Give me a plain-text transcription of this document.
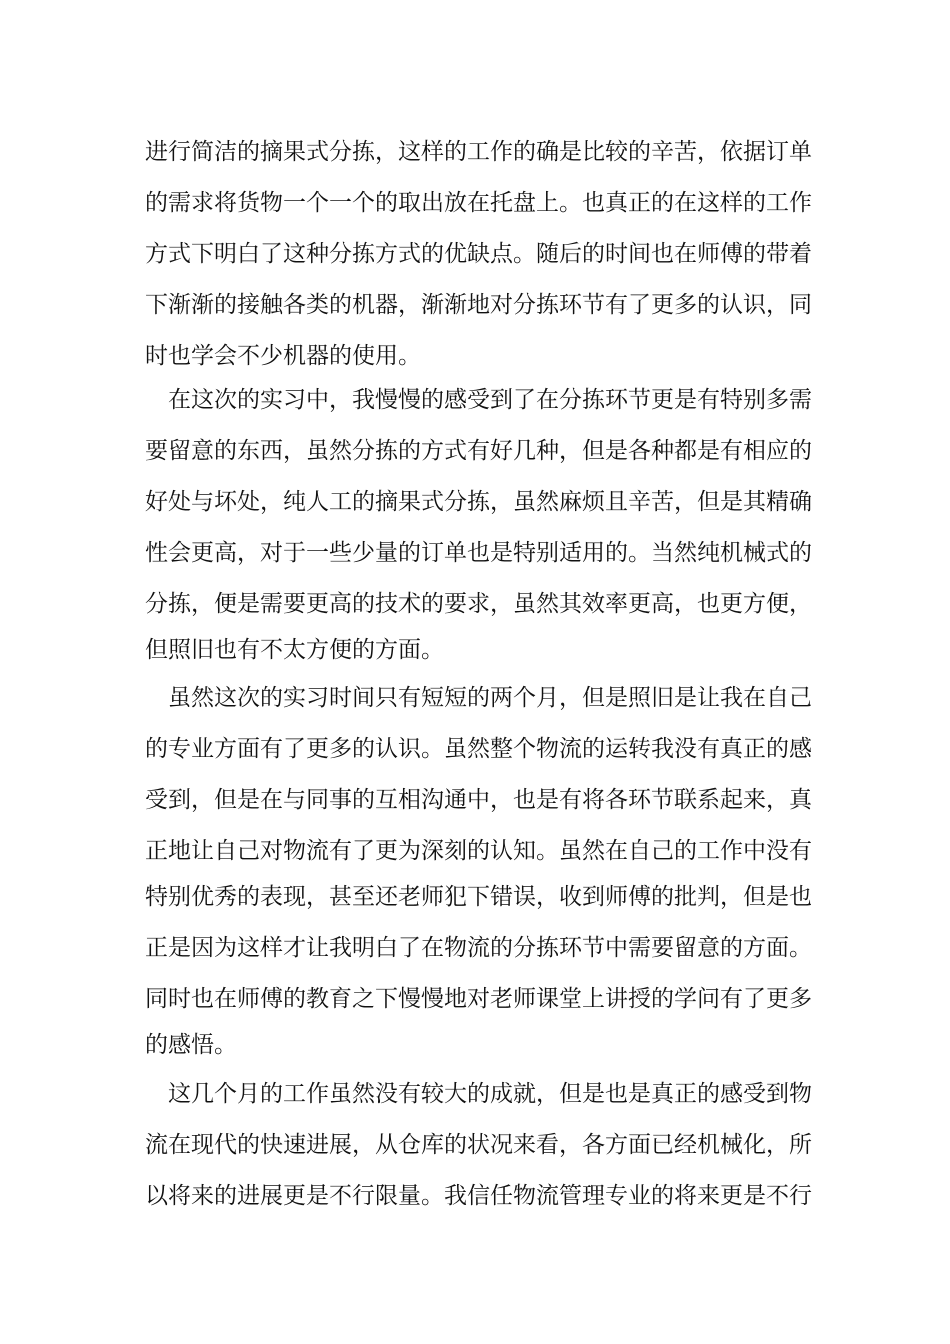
进行简洁的摘果式分拣，这样的工作的确是比较的辛苦，依据订单

的需求将货物一个一个的取出放在托盘上。也真正的在这样的工作

方式下明白了这种分拣方式的优缺点。随后的时间也在师傅的带着

下渐渐的接触各类的机器，渐渐地对分拣环节有了更多的认识，同

时也学会不少机器的使用。

在这次的实习中，我慢慢的感受到了在分拣环节更是有特别多需

要留意的东西，虽然分拣的方式有好几种，但是各种都是有相应的

好处与坏处，纯人工的摘果式分拣，虽然麻烦且辛苦，但是其精确

性会更高，对于一些少量的订单也是特别适用的。当然纯机械式的

分拣，便是需要更高的技术的要求，虽然其效率更高，也更方便，

但照旧也有不太方便的方面。

虽然这次的实习时间只有短短的两个月，但是照旧是让我在自己

的专业方面有了更多的认识。虽然整个物流的运转我没有真正的感

受到，但是在与同事的互相沟通中，也是有将各环节联系起来，真

正地让自己对物流有了更为深刻的认知。虽然在自己的工作中没有

特别优秀的表现，甚至还老师犯下错误，收到师傅的批判，但是也

正是因为这样才让我明白了在物流的分拣环节中需要留意的方面。

同时也在师傅的教育之下慢慢地对老师课堂上讲授的学问有了更多

的感悟。

这几个月的工作虽然没有较大的成就，但是也是真正的感受到物

流在现代的快速进展，从仓库的状况来看，各方面已经机械化，所

以将来的进展更是不行限量。我信任物流管理专业的将来更是不行
